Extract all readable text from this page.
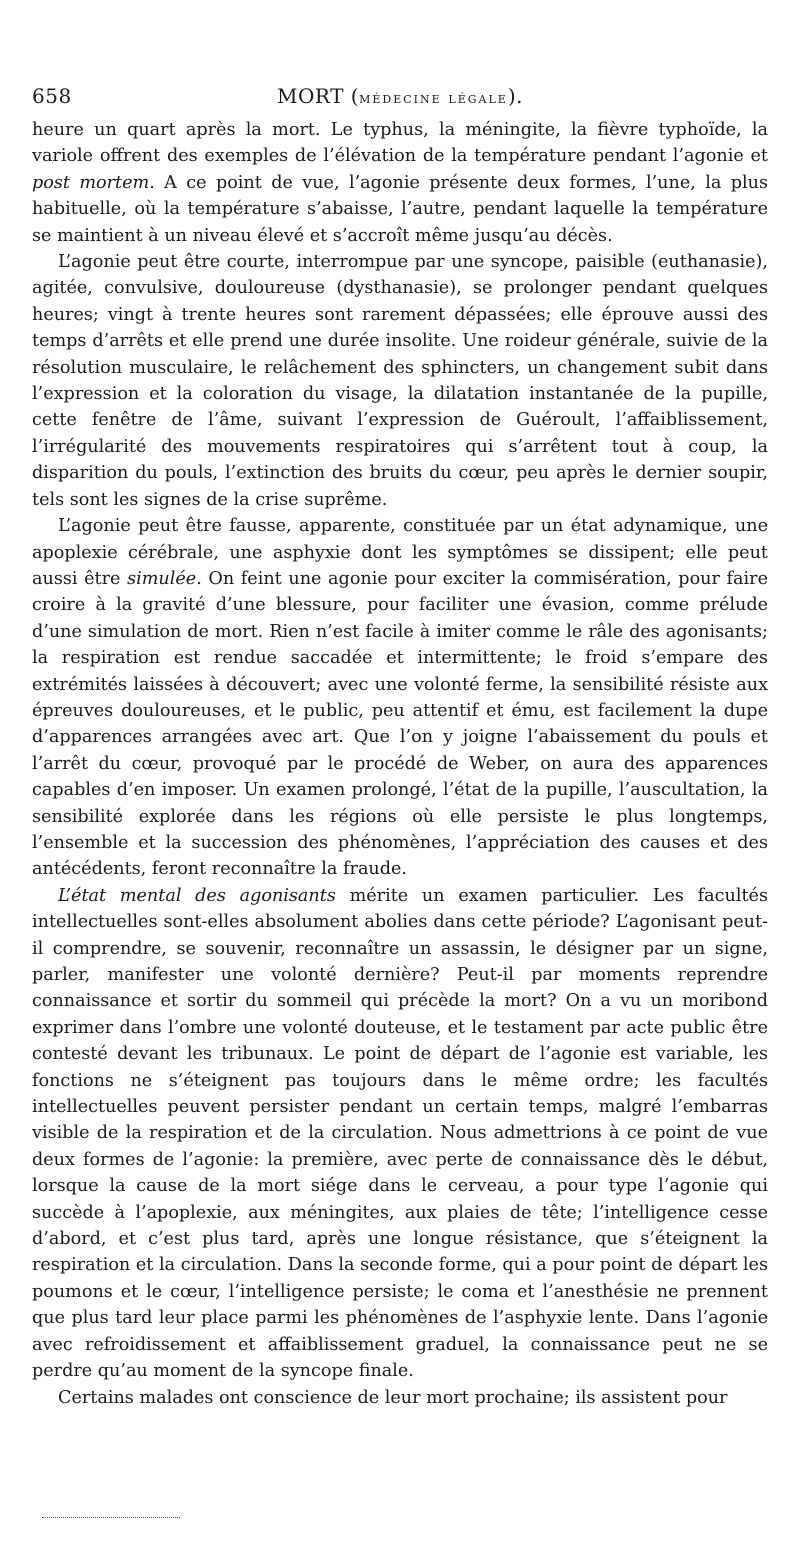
658	MORT (médecine légale).

heure un quart après la mort. Le typhus, la méningite, la fièvre typhoïde, la variole offrent des exemples de l’élévation de la température pendant l’agonie et post mortem. A ce point de vue, l’agonie présente deux formes, l’une, la plus habituelle, où la température s’abaisse, l’autre, pendant laquelle la température se maintient à un niveau élevé et s’accroît même jusqu’au décès.

L’agonie peut être courte, interrompue par une syncope, paisible (euthanasie), agitée, convulsive, douloureuse (dysthanasie), se prolonger pendant quelques heures; vingt à trente heures sont rarement dépassées; elle éprouve aussi des temps d’arrêts et elle prend une durée insolite. Une roideur générale, suivie de la résolution musculaire, le relâchement des sphincters, un changement subit dans l’expression et la coloration du visage, la dilatation instantanée de la pupille, cette fenêtre de l’âme, suivant l’expression de Guéroult, l’affaiblissement, l’irrégularité des mouvements respiratoires qui s’arrêtent tout à coup, la disparition du pouls, l’extinction des bruits du cœur, peu après le dernier soupir, tels sont les signes de la crise suprême.

L’agonie peut être fausse, apparente, constituée par un état adynamique, une apoplexie cérébrale, une asphyxie dont les symptômes se dissipent; elle peut aussi être simulée. On feint une agonie pour exciter la commisération, pour faire croire à la gravité d’une blessure, pour faciliter une évasion, comme prélude d’une simulation de mort. Rien n’est facile à imiter comme le râle des agonisants; la respiration est rendue saccadée et intermittente; le froid s’empare des extrémités laissées à découvert; avec une volonté ferme, la sensibilité résiste aux épreuves douloureuses, et le public, peu attentif et ému, est facilement la dupe d’apparences arrangées avec art. Que l’on y joigne l’abaissement du pouls et l’arrêt du cœur, provoqué par le procédé de Weber, on aura des apparences capables d’en imposer. Un examen prolongé, l’état de la pupille, l’auscultation, la sensibilité explorée dans les régions où elle persiste le plus longtemps, l’ensemble et la succession des phénomènes, l’appréciation des causes et des antécédents, feront reconnaître la fraude.

L’état mental des agonisants mérite un examen particulier. Les facultés intellectuelles sont-elles absolument abolies dans cette période? L’agonisant peut-il comprendre, se souvenir, reconnaître un assassin, le désigner par un signe, parler, manifester une volonté dernière? Peut-il par moments reprendre connaissance et sortir du sommeil qui précède la mort? On a vu un moribond exprimer dans l’ombre une volonté douteuse, et le testament par acte public être contesté devant les tribunaux. Le point de départ de l’agonie est variable, les fonctions ne s’éteignent pas toujours dans le même ordre; les facultés intellectuelles peuvent persister pendant un certain temps, malgré l’embarras visible de la respiration et de la circulation. Nous admettrions à ce point de vue deux formes de l’agonie: la première, avec perte de connaissance dès le début, lorsque la cause de la mort siége dans le cerveau, a pour type l’agonie qui succède à l’apoplexie, aux méningites, aux plaies de tête; l’intelligence cesse d’abord, et c’est plus tard, après une longue résistance, que s’éteignent la respiration et la circulation. Dans la seconde forme, qui a pour point de départ les poumons et le cœur, l’intelligence persiste; le coma et l’anesthésie ne prennent que plus tard leur place parmi les phénomènes de l’asphyxie lente. Dans l’agonie avec refroidissement et affaiblissement graduel, la connaissance peut ne se perdre qu’au moment de la syncope finale.

Certains malades ont conscience de leur mort prochaine; ils assistent pour
